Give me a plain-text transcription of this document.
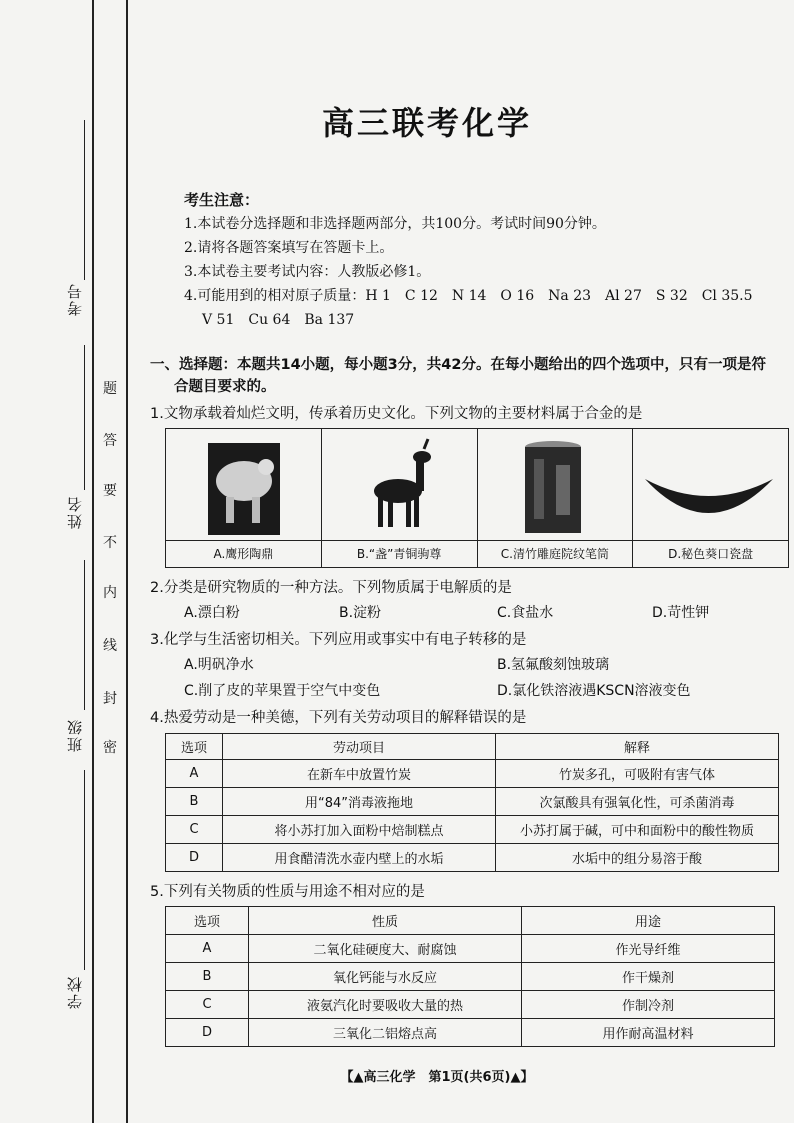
考号
姓名
班级
学校
题
答
要
不
内
线
封
密
高三联考化学
考生注意：

1.本试卷分选择题和非选择题两部分，共100分。考试时间90分钟。

2.请将各题答案填写在答题卡上。

3.本试卷主要考试内容：人教版必修1。

4.可能用到的相对原子质量：H 1　C 12　N 14　O 16　Na 23　Al 27　S 32　Cl 35.5

V 51　Cu 64　Ba 137

一、选择题：本题共14小题，每小题3分，共42分。在每小题给出的四个选项中，只有一项是符
合题目要求的。
1.文物承载着灿烂文明，传承着历史文化。下列文物的主要材料属于合金的是
A.鹰形陶鼎	B.“盏”青铜驹尊	C.清竹雕庭院纹笔筒	D.秘色葵口瓷盘
2.分类是研究物质的一种方法。下列物质属于电解质的是
A.漂白粉	B.淀粉	C.食盐水	D.苛性钾
3.化学与生活密切相关。下列应用或事实中有电子转移的是
A.明矾净水	B.氢氟酸刻蚀玻璃
C.削了皮的苹果置于空气中变色	D.氯化铁溶液遇KSCN溶液变色
4.热爱劳动是一种美德，下列有关劳动项目的解释错误的是
选项	劳动项目	解释
A	在新车中放置竹炭	竹炭多孔，可吸附有害气体
B	用“84”消毒液拖地	次氯酸具有强氧化性，可杀菌消毒
C	将小苏打加入面粉中焙制糕点	小苏打属于碱，可中和面粉中的酸性物质
D	用食醋清洗水壶内壁上的水垢	水垢中的组分易溶于酸
5.下列有关物质的性质与用途不相对应的是
选项	性质	用途
A	二氧化硅硬度大、耐腐蚀	作光导纤维
B	氧化钙能与水反应	作干燥剂
C	液氨汽化时要吸收大量的热	作制冷剂
D	三氧化二铝熔点高	用作耐高温材料
【▲高三化学　第1页(共6页)▲】
